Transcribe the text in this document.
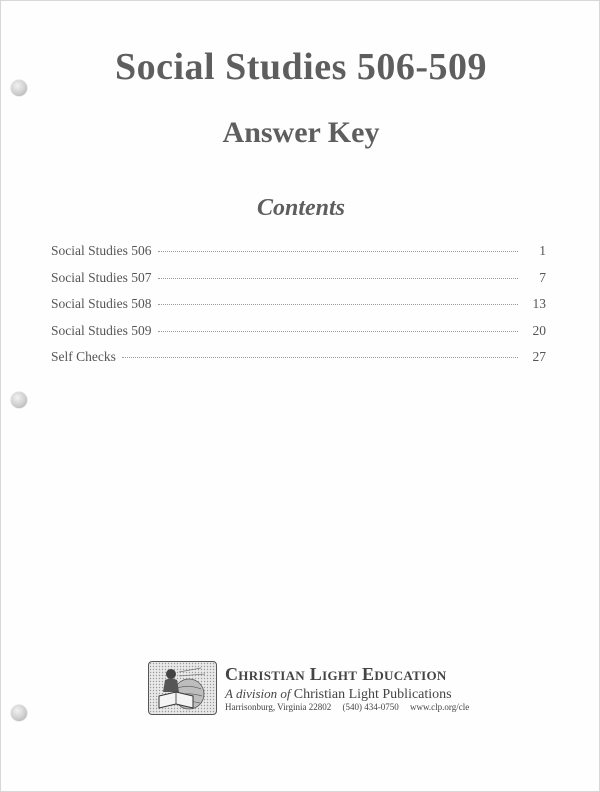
Social Studies 506-509
Answer Key
Contents
Social Studies 506	1
Social Studies 507	7
Social Studies 508	13
Social Studies 509	20
Self Checks	27
Christian Light Education
A division of Christian Light Publications
Harrisonburg, Virginia 22802 (540) 434-0750 www.clp.org/cle
